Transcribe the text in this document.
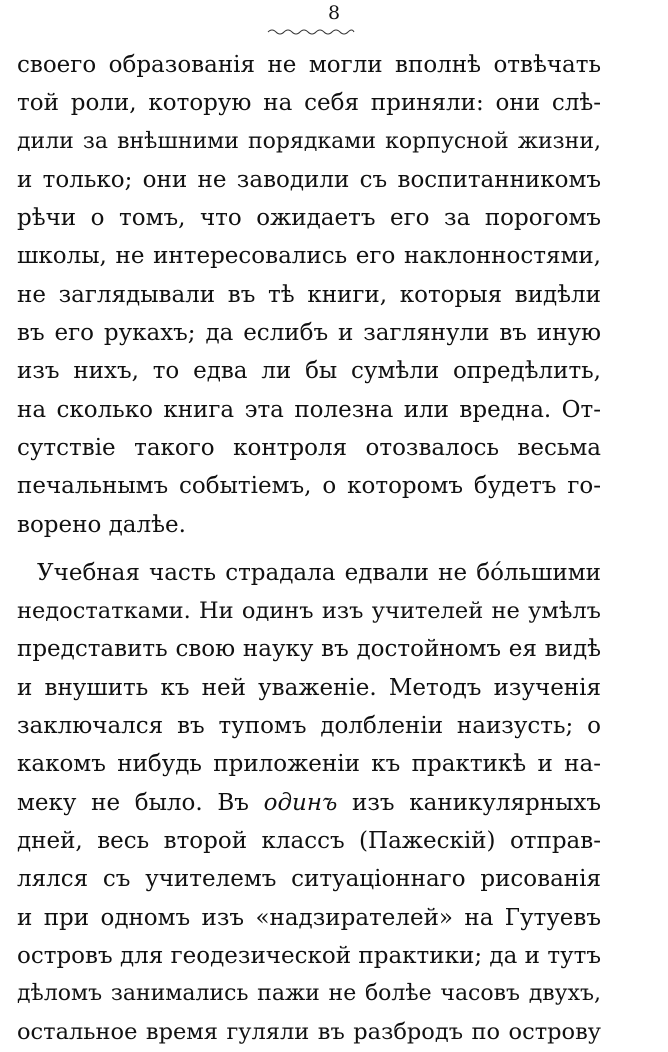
8
своего образованія не могли вполнѣ отвѣчать
той роли, которую на себя приняли: они слѣ-
дили за внѣшними порядками корпусной жизни,
и только; они не заводили съ воспитанникомъ
рѣчи о томъ, что ожидаетъ его за порогомъ
школы, не интересовались его наклонностями,
не заглядывали въ тѣ книги, которыя видѣли
въ его рукахъ; да еслибъ и заглянули въ иную
изъ нихъ, то едва ли бы сумѣли опредѣлить,
на сколько книга эта полезна или вредна. От-
сутствіе такого контроля отозвалось весьма
печальнымъ событіемъ, о которомъ будетъ го-
ворено далѣе.
Учебная часть страдала едвали не бóльшими
недостатками. Ни одинъ изъ учителей не умѣлъ
представить свою науку въ достойномъ ея видѣ
и внушить къ ней уваженіе. Методъ изученія
заключался въ тупомъ долбленіи наизусть; о
какомъ нибудь приложеніи къ практикѣ и на-
меку не было. Въ одинъ изъ каникулярныхъ
дней, весь второй классъ (Пажескій) отправ-
лялся съ учителемъ ситуаціоннаго рисованія
и при одномъ изъ «надзирателей» на Гутуевъ
островъ для геодезической практики; да и тутъ
дѣломъ занимались пажи не болѣе часовъ двухъ,
остальное время гуляли въ разбродъ по острову
